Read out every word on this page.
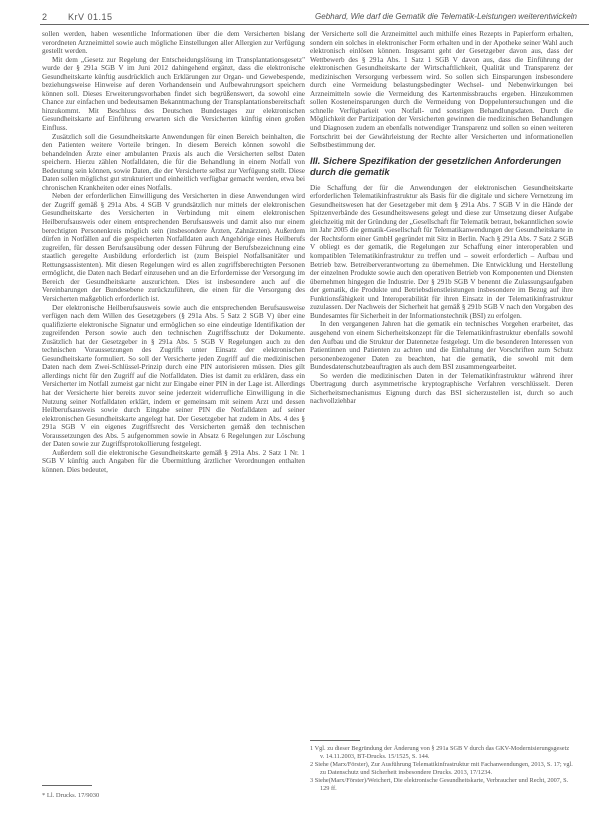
2 KrV 01.15	Gebhard, Wie darf die Gematik die Telematik-Leistungen weiterentwickeln

sollen werden, haben wesentliche Informationen über die dem Versicherten bislang verordneten Arzneimittel sowie auch mögliche Einstellungen aller Allergien zur Verfügung gestellt werden.

Mit dem „Gesetz zur Regelung der Entscheidungslösung im Transplantationsgesetz" wurde der § 291a SGB V im Juni 2012 dahingehend ergänzt, dass die elektronische Gesundheitskarte künftig ausdrücklich auch Erklärungen zur Organ- und Gewebespende, beziehungsweise Hinweise auf deren Vorhandensein und Aufbewahrungsort speichern können soll. Dieses Erweiterungsvorhaben findet sich begrüßenswert, da sowohl eine Chance zur einfachen und bedeutsamen Bekanntmachung der Transplantationsbereitschaft hinzukommt. Mit Beschluss des Deutschen Bundestages zur elektronischen Gesundheitskarte auf Einführung erwarten sich die Versicherten künftig einen großen Einfluss.

Zusätzlich soll die Gesundheitskarte Anwendungen für einen Bereich beinhalten, die den Patienten weitere Vorteile bringen. In diesem Bereich können sowohl die behandelnden Ärzte einer ambulanten Praxis als auch die Versicherten selbst Daten speichern. Hierzu zählen Notfalldaten, die für die Behandlung in einem Notfall von Bedeutung sein können, sowie Daten, die der Versicherte selbst zur Verfügung stellt. Diese Daten sollen möglichst gut strukturiert und einheitlich verfügbar gemacht werden, etwa bei chronischen Krankheiten oder eines Notfalls.

Neben der erforderlichen Einwilligung des Versicherten in diese Anwendungen wird der Zugriff gemäß § 291a Abs. 4 SGB V grundsätzlich nur mittels der elektronischen Gesundheitskarte des Versicherten in Verbindung mit einem elektronischen Heilberufsausweis oder einem entsprechenden Berufsausweis und damit also nur einem berechtigten Personenkreis möglich sein (insbesondere Ärzten, Zahnärzten). Außerdem dürfen in Notfällen auf die gespeicherten Notfalldaten auch Angehörige eines Heilberufs zugreifen, für dessen Berufsausübung oder dessen Führung der Berufsbezeichnung eine staatlich geregelte Ausbildung erforderlich ist (zum Beispiel Notfallsanitäter und Rettungsassistenten). Mit diesen Regelungen wird es allen zugriffsberechtigten Personen ermöglicht, die Daten nach Bedarf einzusehen und an die Erfordernisse der Versorgung im Bereich der Gesundheitskarte auszurichten. Dies ist insbesondere auch auf die Vereinbarungen der Bundesebene zurückzuführen, die einen für die Versorgung des Versicherten maßgeblich erforderlich ist.

Der elektronische Heilberufsausweis sowie auch die entsprechenden Berufsausweise verfügen nach dem Willen des Gesetzgebers (§ 291a Abs. 5 Satz 2 SGB V) über eine qualifizierte elektronische Signatur und ermöglichen so eine eindeutige Identifikation der zugreifenden Person sowie auch den technischen Zugriffsschutz der Dokumente. Zusätzlich hat der Gesetzgeber in § 291a Abs. 5 SGB V Regelungen auch zu den technischen Voraussetzungen des Zugriffs unter Einsatz der elektronischen Gesundheitskarte formuliert. So soll der Versicherte jeden Zugriff auf die medizinischen Daten nach dem Zwei-Schlüssel-Prinzip durch eine PIN autorisieren müssen. Dies gilt allerdings nicht für den Zugriff auf die Notfalldaten. Dies ist damit zu erklären, dass ein Versicherter im Notfall zumeist gar nicht zur Eingabe einer PIN in der Lage ist. Allerdings hat der Versicherte hier bereits zuvor seine jederzeit widerrufliche Einwilligung in die Nutzung seiner Notfalldaten erklärt, indem er gemeinsam mit seinem Arzt und dessen Heilberufsausweis sowie durch Eingabe seiner PIN die Notfalldaten auf seiner elektronischen Gesundheitskarte angelegt hat. Der Gesetzgeber hat zudem in Abs. 4 des § 291a SGB V ein eigenes Zugriffsrecht des Versicherten gemäß den technischen Voraussetzungen des Abs. 5 aufgenommen sowie in Absatz 6 Regelungen zur Löschung der Daten sowie zur Zugriffsprotokollierung festgelegt.

Außerdem soll die elektronische Gesundheitskarte gemäß § 291a Abs. 2 Satz 1 Nr. 1 SGB V künftig auch Angaben für die Übermittlung ärztlicher Verordnungen enthalten können. Dies bedeutet,

der Versicherte soll die Arzneimittel auch mithilfe eines Rezepts in Papierform erhalten, sondern ein solches in elektronischer Form erhalten und in der Apotheke seiner Wahl auch elektronisch einlösen können. Insgesamt geht der Gesetzgeber davon aus, dass der Wettbewerb des § 291a Abs. 1 Satz 1 SGB V davon aus, dass die Einführung der elektronischen Gesundheitskarte der Wirtschaftlichkeit, Qualität und Transparenz der medizinischen Versorgung verbessern wird. So sollen sich Einsparungen insbesondere durch eine Vermeidung belastungsbedingter Wechsel- und Nebenwirkungen bei Arzneimitteln sowie die Vermeidung des Kartenmissbrauchs ergeben. Hinzukommen sollen Kosteneinsparungen durch die Vermeidung von Doppeluntersuchungen und die schnelle Verfügbarkeit von Notfall- und sonstigen Behandlungsdaten. Durch die Möglichkeit der Partizipation der Versicherten gewinnen die medizinischen Behandlungen und Diagnosen zudem an ebenfalls notwendiger Transparenz und sollen so einen weiteren Fortschritt bei der Gewährleistung der Rechte aller Versicherten und informationellen Selbstbestimmung der.

III. Sichere Spezifikation der gesetzlichen Anforderungen durch die gematik

Die Schaffung der für die Anwendungen der elektronischen Gesundheitskarte erforderlichen Telematikinfrastruktur als Basis für die digitale und sichere Vernetzung im Gesundheitswesen hat der Gesetzgeber mit dem § 291a Abs. 7 SGB V in die Hände der Spitzenverbände des Gesundheitswesens gelegt und diese zur Umsetzung dieser Aufgabe gleichzeitig mit der Gründung der „Gesellschaft für Telematik betraut, bekanntlichen sowie im Jahr 2005 die gematik-Gesellschaft für Telematikanwendungen der Gesundheitskarte in der Rechtsform einer GmbH gegründet mit Sitz in Berlin. Nach § 291a Abs. 7 Satz 2 SGB V obliegt es der gematik, die Regelungen zur Schaffung einer interoperablen und kompatiblen Telematikinfrastruktur zu treffen und – soweit erforderlich – Aufbau und Betrieb bzw. Betreiberverantwortung zu übernehmen. Die Entwicklung und Herstellung der einzelnen Produkte sowie auch den operativen Betrieb von Komponenten und Diensten übernehmen hingegen die Industrie. Der § 291b SGB V benennt die Zulassungsaufgaben der gematik, die Produkte und Betriebsdienstleistungen insbesondere im Bezug auf ihre Funktionsfähigkeit und Interoperabilität für ihren Einsatz in der Telematikinfrastruktur zuzulassen. Der Nachweis der Sicherheit hat gemäß § 291b SGB V nach den Vorgaben des Bundesamtes für Sicherheit in der Informationstechnik (BSI) zu erfolgen.

In den vergangenen Jahren hat die gematik ein technisches Vorgehen erarbeitet, das ausgehend von einem Sicherheitskonzept für die Telematikinfrastruktur ebenfalls sowohl den Aufbau und die Struktur der Datennetze festgelegt. Um die besonderen Interessen von Patientinnen und Patienten zu achten und die Einhaltung der Vorschriften zum Schutz personenbezogener Daten zu beachten, hat die gematik, die sowohl mit dem Bundesdatenschutzbeauftragten als auch dem BSI zusammengearbeitet.

So werden die medizinischen Daten in der Telematikinfrastruktur während ihrer Übertragung durch asymmetrische kryptographische Verfahren verschlüsselt. Deren Sicherheitsmechanismus Eignung durch das BSI sicherzustellen ist, durch so auch nachvollziehbar

1 Vgl. zu dieser Begründung der Änderung von § 291a SGB V durch das GKV-Modernisierungsgesetz v. 14.11.2003, BT-Drucks. 15/1525, S. 144.
2 Siehe (Marx/Förster), Zur Ausführung Telematikinfrastruktur mit Fachanwendungen, 2013, S. 17; vgl. zu Datenschutz und Sicherheit insbesondere Drucks. 2013, 17/1234.
3 Siehe(Marx/Förster)/Weichert, Die elektronische Gesundheitskarte, Verbraucher und Recht, 2007, S. 129 ff.
* Ll. Drucks. 17/9030
